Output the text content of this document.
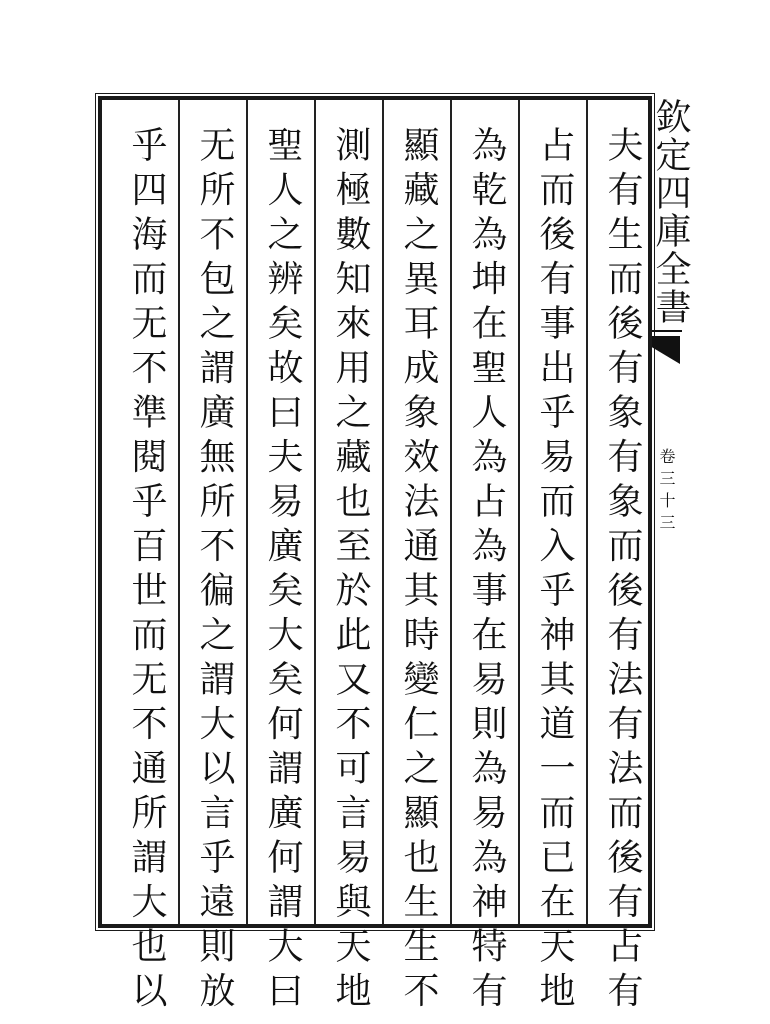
欽定四庫全書
卷三十三
夫有生而後有象有象而後有法有法而後有占有
占而後有事出乎易而入乎神其道一而已在天地
為乾為坤在聖人為占為事在易則為易為神特有
顯藏之異耳成象效法通其時變仁之顯也生生不
測極數知來用之藏也至於此又不可言易與天地
聖人之辨矣故曰夫易廣矣大矣何謂廣何謂大曰
无所不包之謂廣無所不徧之謂大以言乎遠則放
乎四海而无不準閱乎百世而无不通所謂大也以
